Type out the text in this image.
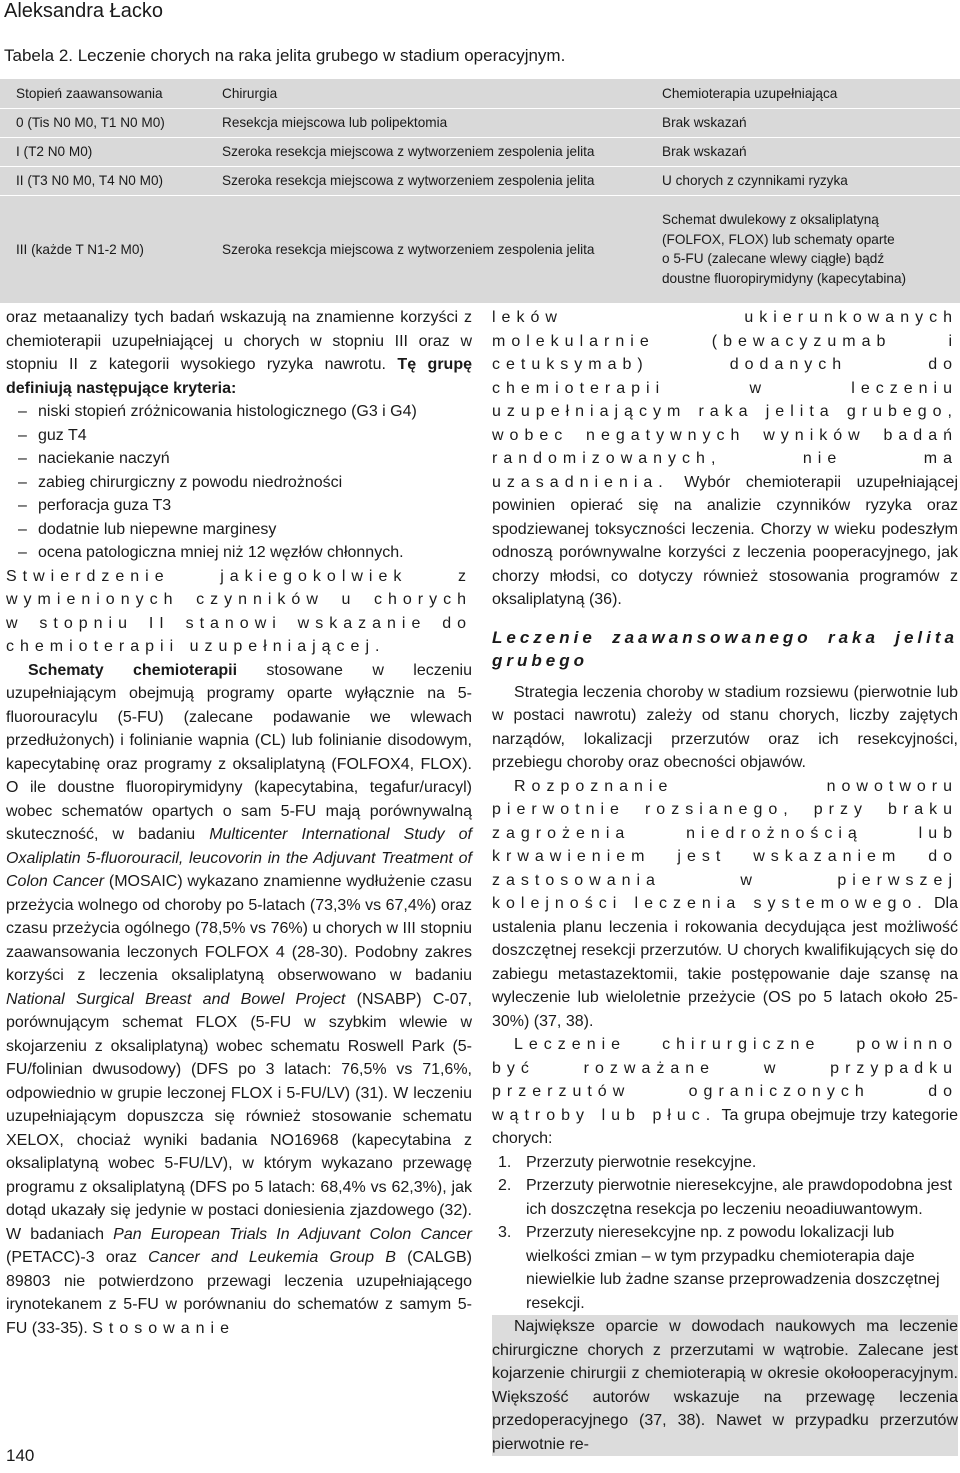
Aleksandra Łacko
Tabela 2. Leczenie chorych na raka jelita grubego w stadium operacyjnym.
Stopień zaawansowania	Chirurgia	Chemioterapia uzupełniająca
0 (Tis N0 M0, T1 N0 M0)	Resekcja miejscowa lub polipektomia	Brak wskazań
I (T2 N0 M0)	Szeroka resekcja miejscowa z wytworzeniem zespolenia jelita	Brak wskazań
II (T3 N0 M0, T4 N0 M0)	Szeroka resekcja miejscowa z wytworzeniem zespolenia jelita	U chorych z czynnikami ryzyka
III (każde T N1-2 M0)	Szeroka resekcja miejscowa z wytworzeniem zespolenia jelita	Schemat dwulekowy z oksaliplatyną
(FOLFOX, FLOX) lub schematy oparte
o 5-FU (zalecane wlewy ciągłe) bądź
doustne fluoropirymidyny (kapecytabina)

oraz metaanalizy tych badań wskazują na znamienne korzyści z chemioterapii uzupełniającej u chorych w stopniu III oraz w stopniu II z kategorii wysokiego ryzyka nawrotu. Tę grupę definiują następujące kryteria:

– niski stopień zróżnicowania histologicznego (G3 i G4)
– guz T4
– naciekanie naczyń
– zabieg chirurgiczny z powodu niedrożności
– perforacja guza T3
– dodatnie lub niepewne marginesy
– ocena patologiczna mniej niż 12 węzłów chłonnych.

Stwierdzenie jakiegokolwiek z wymienionych czynników u chorych w stopniu II stanowi wskazanie do chemioterapii uzupełniającej.

Schematy chemioterapii stosowane w leczeniu uzupełniającym obejmują programy oparte wyłącznie na 5-fluorouracylu (5-FU) (zalecane podawanie we wlewach przedłużonych) i folinianie wapnia (CL) lub folinianie disodowym, kapecytabinę oraz programy z oksaliplatyną (FOLFOX4, FLOX). O ile doustne fluoropirymidyny (kapecytabina, tegafur/uracyl) wobec schematów opartych o sam 5-FU mają porównywalną skuteczność, w badaniu Multicenter International Study of Oxaliplatin 5-fluorouracil, leucovorin in the Adjuvant Treatment of Colon Cancer (MOSAIC) wykazano znamienne wydłużenie czasu przeżycia wolnego od choroby po 5-latach (73,3% vs 67,4%) oraz czasu przeżycia ogólnego (78,5% vs 76%) u chorych w III stopniu zaawansowania leczonych FOLFOX 4 (28-30). Podobny zakres korzyści z leczenia oksaliplatyną obserwowano w badaniu National Surgical Breast and Bowel Project (NSABP) C-07, porównującym schemat FLOX (5-FU w szybkim wlewie w skojarzeniu z oksaliplatyną) wobec schematu Roswell Park (5-FU/folinian dwusodowy) (DFS po 3 latach: 76,5% vs 71,6%, odpowiednio w grupie leczonej FLOX i 5-FU/LV) (31). W leczeniu uzupełniającym dopuszcza się również stosowanie schematu XELOX, chociaż wyniki badania NO16968 (kapecytabina z oksaliplatyną wobec 5-FU/LV), w którym wykazano przewagę programu z oksaliplatyną (DFS po 5 latach: 68,4% vs 62,3%), jak dotąd ukazały się jedynie w postaci doniesienia zjazdowego (32). W badaniach Pan European Trials In Adjuvant Colon Cancer (PETACC)-3 oraz Cancer and Leukemia Group B (CALGB) 89803 nie potwierdzono przewagi leczenia uzupełniającego irynotekanem z 5-FU w porównaniu do schematów z samym 5-FU (33-35). Stosowanie

leków ukierunkowanych molekularnie (bewacyzumab i cetuksymab) dodanych do chemioterapii w leczeniu uzupełniającym raka jelita grubego, wobec negatywnych wyników badań randomizowanych, nie ma uzasadnienia. Wybór chemioterapii uzupełniającej powinien opierać się na analizie czynników ryzyka oraz spodziewanej toksyczności leczenia. Chorzy w wieku podeszłym odnoszą porównywalne korzyści z leczenia pooperacyjnego, jak chorzy młodsi, co dotyczy również stosowania programów z oksaliplatyną (36).

Leczenie zaawansowanego raka jelita grubego

Strategia leczenia choroby w stadium rozsiewu (pierwotnie lub w postaci nawrotu) zależy od stanu chorych, liczby zajętych narządów, lokalizacji przerzutów oraz ich resekcyjności, przebiegu choroby oraz obecności objawów.

Rozpoznanie nowotworu pierwotnie rozsianego, przy braku zagrożenia niedrożnością lub krwawieniem jest wskazaniem do zastosowania w pierwszej kolejności leczenia systemowego. Dla ustalenia planu leczenia i rokowania decydująca jest możliwość doszczętnej resekcji przerzutów. U chorych kwalifikujących się do zabiegu metastazektomii, takie postępowanie daje szansę na wyleczenie lub wieloletnie przeżycie (OS po 5 latach około 25-30%) (37, 38).

Leczenie chirurgiczne powinno być rozważane w przypadku przerzutów ograniczonych do wątroby lub płuc. Ta grupa obejmuje trzy kategorie chorych:

1. Przerzuty pierwotnie resekcyjne.
2. Przerzuty pierwotnie nieresekcyjne, ale prawdopodobna jest ich doszczętna resekcja po leczeniu neoadiuwantowym.
3. Przerzuty nieresekcyjne np. z powodu lokalizacji lub wielkości zmian – w tym przypadku chemioterapia daje niewielkie lub żadne szanse przeprowadzenia doszczętnej resekcji.

Największe oparcie w dowodach naukowych ma leczenie chirurgiczne chorych z przerzutami w wątrobie. Zalecane jest kojarzenie chirurgii z chemioterapią w okresie okołooperacyjnym. Większość autorów wskazuje na przewagę leczenia przedoperacyjnego (37, 38). Nawet w przypadku przerzutów pierwotnie re-

140
